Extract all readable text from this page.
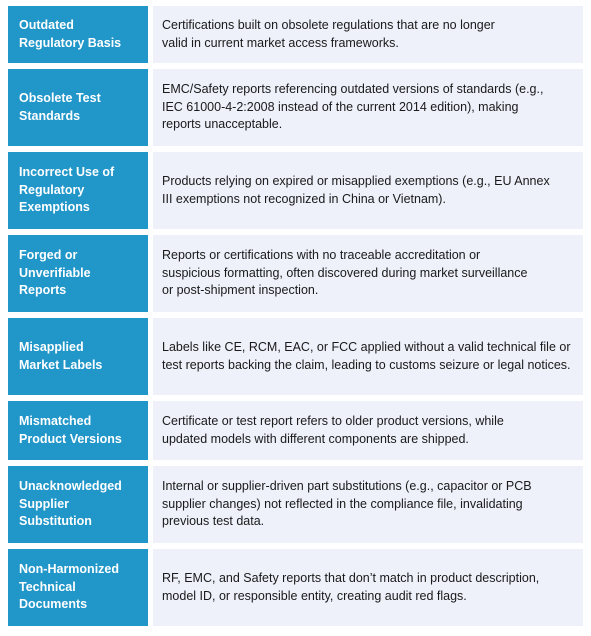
Outdated Regulatory Basis
Certifications built on obsolete regulations that are no longer valid in current market access frameworks.
Obsolete Test Standards
EMC/Safety reports referencing outdated versions of standards (e.g., IEC 61000-4-2:2008 instead of the current 2014 edition), making reports unacceptable.
Incorrect Use of Regulatory Exemptions
Products relying on expired or misapplied exemptions (e.g., EU Annex III exemptions not recognized in China or Vietnam).
Forged or Unverifiable Reports
Reports or certifications with no traceable accreditation or suspicious formatting, often discovered during market surveillance or post-shipment inspection.
Misapplied Market Labels
Labels like CE, RCM, EAC, or FCC applied without a valid technical file or test reports backing the claim, leading to customs seizure or legal notices.
Mismatched Product Versions
Certificate or test report refers to older product versions, while updated models with different components are shipped.
Unacknowledged Supplier Substitution
Internal or supplier-driven part substitutions (e.g., capacitor or PCB supplier changes) not reflected in the compliance file, invalidating previous test data.
Non-Harmonized Technical Documents
RF, EMC, and Safety reports that don’t match in product description, model ID, or responsible entity, creating audit red flags.
